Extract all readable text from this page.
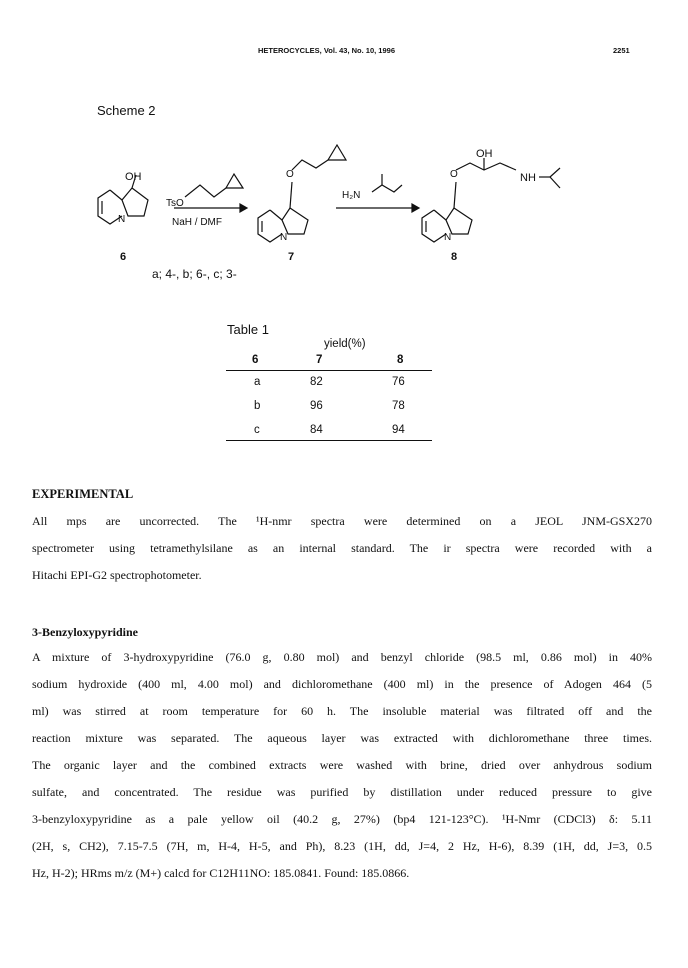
HETEROCYCLES, Vol. 43, No. 10, 1996	2251
Scheme 2
OH
TsO
NaH / DMF
N
N
O
H₂N
N
O
OH
NH
6	7	8
a; 4-, b; 6-, c; 3-
Table 1
yield(%)
6	7	8
a	82	76
b	96	78
c	84	94
EXPERIMENTAL
All mps are uncorrected. The ¹H-nmr spectra were determined on a JEOL JNM-GSX270
spectrometer using tetramethylsilane as an internal standard. The ir spectra were recorded with a
Hitachi EPI-G2 spectrophotometer.
3-Benzyloxypyridine
A mixture of 3-hydroxypyridine (76.0 g, 0.80 mol) and benzyl chloride (98.5 ml, 0.86 mol) in 40%
sodium hydroxide (400 ml, 4.00 mol) and dichloromethane (400 ml) in the presence of Adogen 464 (5
ml) was stirred at room temperature for 60 h. The insoluble material was filtrated off and the
reaction mixture was separated. The aqueous layer was extracted with dichloromethane three times.
The organic layer and the combined extracts were washed with brine, dried over anhydrous sodium
sulfate, and concentrated. The residue was purified by distillation under reduced pressure to give
3-benzyloxypyridine as a pale yellow oil (40.2 g, 27%) (bp4 121-123°C). ¹H-Nmr (CDCl3) δ: 5.11
(2H, s, CH2), 7.15-7.5 (7H, m, H-4, H-5, and Ph), 8.23 (1H, dd, J=4, 2 Hz, H-6), 8.39 (1H, dd, J=3, 0.5
Hz, H-2); HRms m/z (M+) calcd for C12H11NO: 185.0841. Found: 185.0866.
